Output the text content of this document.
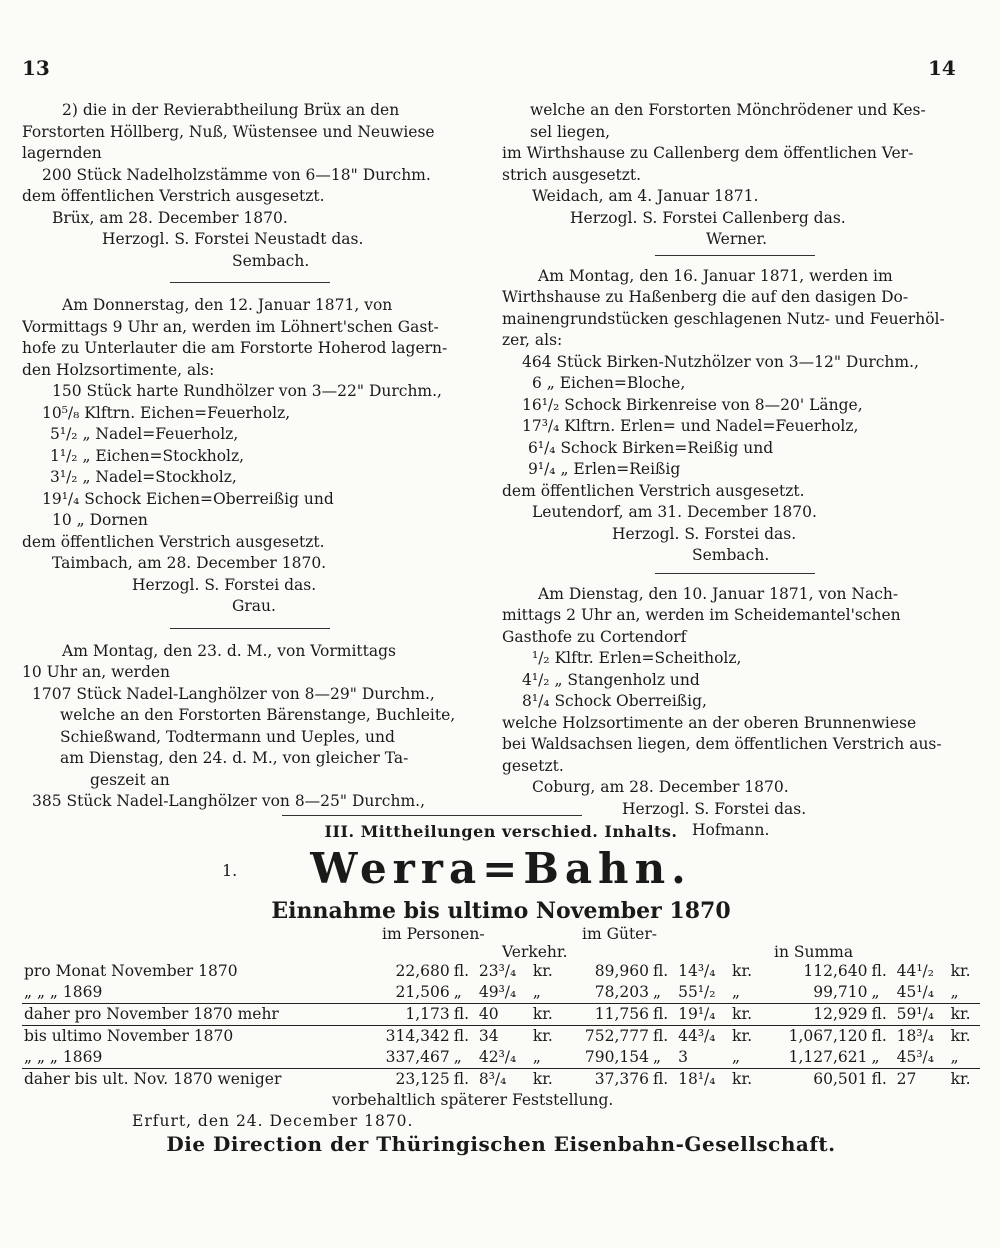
13	14
2) die in der Revierabtheilung Brüx an den
Forstorten Höllberg, Nuß, Wüstensee und Neuwiese
lagernden
200 Stück Nadelholzstämme von 6—18" Durchm.
dem öffentlichen Verstrich ausgesetzt.
Brüx, am 28. December 1870.
Herzogl. S. Forstei Neustadt das.
Sembach.
Am Donnerstag, den 12. Januar 1871, von
Vormittags 9 Uhr an, werden im Löhnert'schen Gast-
hofe zu Unterlauter die am Forstorte Hoherod lagern-
den Holzsortimente, als:
150 Stück harte Rundhölzer von 3—22" Durchm.,
10⁵/₈ Klftrn. Eichen=Feuerholz,
5¹/₂ „ Nadel=Feuerholz,
1¹/₂ „ Eichen=Stockholz,
3¹/₂ „ Nadel=Stockholz,
19¹/₄ Schock Eichen=Oberreißig und
10 „ Dornen
dem öffentlichen Verstrich ausgesetzt.
Taimbach, am 28. December 1870.
Herzogl. S. Forstei das.
Grau.
Am Montag, den 23. d. M., von Vormittags
10 Uhr an, werden
1707 Stück Nadel-Langhölzer von 8—29" Durchm.,
welche an den Forstorten Bärenstange, Buchleite,
Schießwand, Todtermann und Ueples, und
am Dienstag, den 24. d. M., von gleicher Ta-
geszeit an
385 Stück Nadel-Langhölzer von 8—25" Durchm.,
welche an den Forstorten Mönchrödener und Kes-
sel liegen,
im Wirthshause zu Callenberg dem öffentlichen Ver-
strich ausgesetzt.
Weidach, am 4. Januar 1871.
Herzogl. S. Forstei Callenberg das.
Werner.
Am Montag, den 16. Januar 1871, werden im
Wirthshause zu Haßenberg die auf den dasigen Do-
mainengrundstücken geschlagenen Nutz- und Feuerhöl-
zer, als:
464 Stück Birken-Nutzhölzer von 3—12" Durchm.,
6 „ Eichen=Bloche,
16¹/₂ Schock Birkenreise von 8—20' Länge,
17³/₄ Klftrn. Erlen= und Nadel=Feuerholz,
6¹/₄ Schock Birken=Reißig und
9¹/₄ „ Erlen=Reißig
dem öffentlichen Verstrich ausgesetzt.
Leutendorf, am 31. December 1870.
Herzogl. S. Forstei das.
Sembach.
Am Dienstag, den 10. Januar 1871, von Nach-
mittags 2 Uhr an, werden im Scheidemantel'schen
Gasthofe zu Cortendorf
¹/₂ Klftr. Erlen=Scheitholz,
4¹/₂ „ Stangenholz und
8¹/₄ Schock Oberreißig,
welche Holzsortimente an der oberen Brunnenwiese
bei Waldsachsen liegen, dem öffentlichen Verstrich aus-
gesetzt.
Coburg, am 28. December 1870.
Herzogl. S. Forstei das.
Hofmann.
III. Mittheilungen verschied. Inhalts.
1.	Werra=Bahn.
Einnahme bis ultimo November 1870
im Personen-	im Güter-
Verkehr.	in Summa
pro Monat November 1870	22,680	fl.	23³/₄	kr.	89,960	fl.	14³/₄	kr.	112,640	fl.	44¹/₂	kr.
„ „ „ 1869	21,506	„	49³/₄	„	78,203	„	55¹/₂	„	99,710	„	45¹/₄	„
daher pro November 1870 mehr	1,173	fl.	40	kr.	11,756	fl.	19¹/₄	kr.	12,929	fl.	59¹/₄	kr.
bis ultimo November 1870	314,342	fl.	34	kr.	752,777	fl.	44³/₄	kr.	1,067,120	fl.	18³/₄	kr.
„ „ „ 1869	337,467	„	42³/₄	„	790,154	„	3	„	1,127,621	„	45³/₄	„
daher bis ult. Nov. 1870 weniger	23,125	fl.	8³/₄	kr.	37,376	fl.	18¹/₄	kr.	60,501	fl.	27	kr.
vorbehaltlich späterer Feststellung.
Erfurt, den 24. December 1870.
Die Direction der Thüringischen Eisenbahn-Gesellschaft.
